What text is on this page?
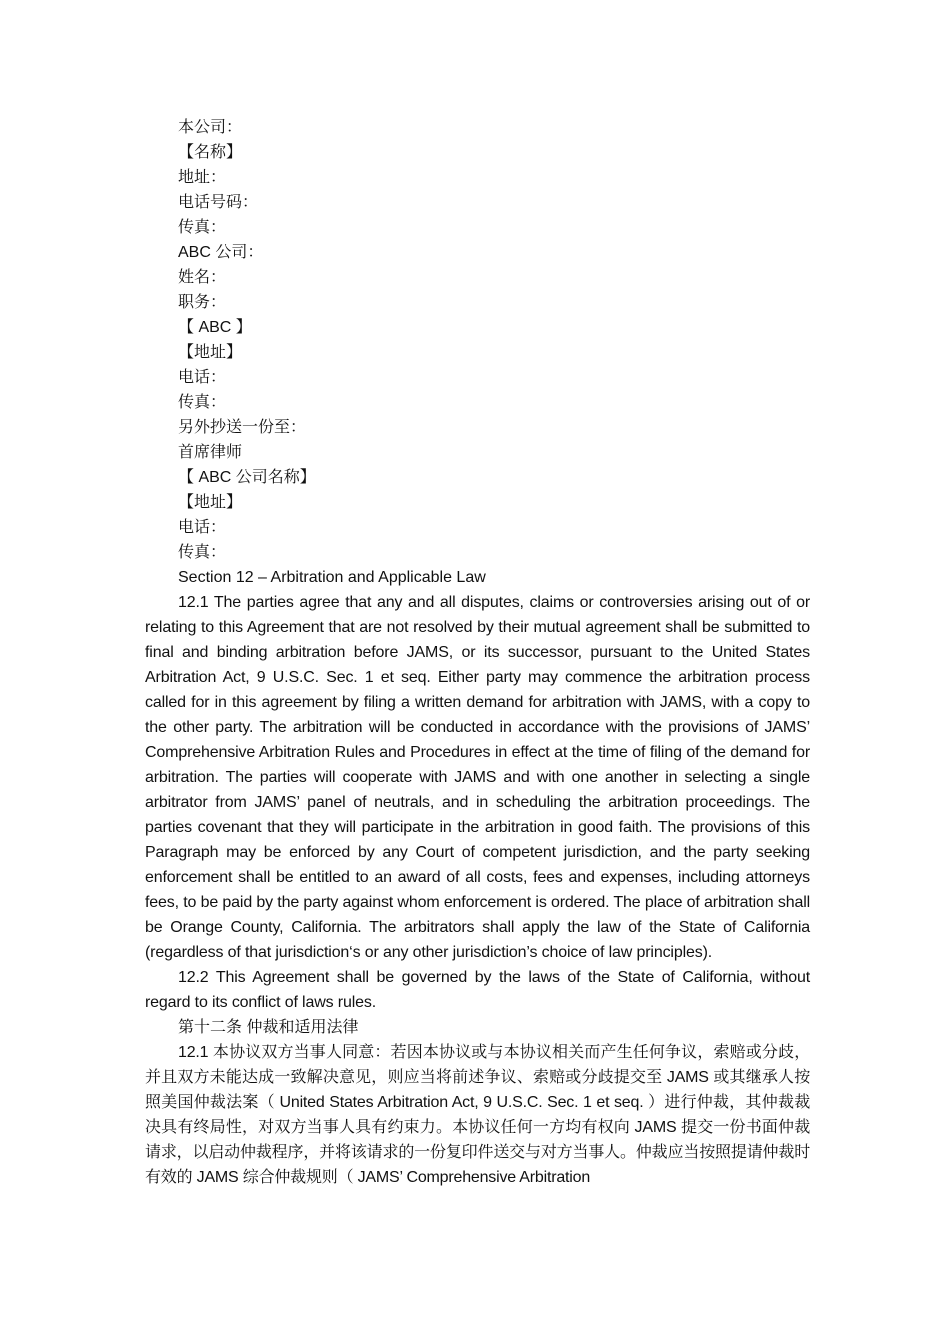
本公司：
【名称】
地址：
电话号码：
传真：
ABC 公司：
姓名：
职务：
【 ABC 】
【地址】
电话：
传真：
另外抄送一份至：
首席律师
【 ABC 公司名称】
【地址】
电话：
传真：
Section 12 – Arbitration and Applicable Law

12.1 The parties agree that any and all disputes, claims or controversies arising out of or relating to this Agreement that are not resolved by their mutual agreement shall be submitted to final and binding arbitration before JAMS, or its successor, pursuant to the United States Arbitration Act, 9 U.S.C. Sec. 1 et seq. Either party may commence the arbitration process called for in this agreement by filing a written demand for arbitration with JAMS, with a copy to the other party. The arbitration will be conducted in accordance with the provisions of JAMS’ Comprehensive Arbitration Rules and Procedures in effect at the time of filing of the demand for arbitration. The parties will cooperate with JAMS and with one another in selecting a single arbitrator from JAMS’ panel of neutrals, and in scheduling the arbitration proceedings. The parties covenant that they will participate in the arbitration in good faith. The provisions of this Paragraph may be enforced by any Court of competent jurisdiction, and the party seeking enforcement shall be entitled to an award of all costs, fees and expenses, including attorneys fees, to be paid by the party against whom enforcement is ordered. The place of arbitration shall be Orange County, California. The arbitrators shall apply the law of the State of California (regardless of that jurisdiction‘s or any other jurisdiction’s choice of law principles).

12.2 This Agreement shall be governed by the laws of the State of California, without regard to its conflict of laws rules.

第十二条 仲裁和适用法律

12.1 本协议双方当事人同意：若因本协议或与本协议相关而产生任何争议，索赔或分歧，并且双方未能达成一致解决意见，则应当将前述争议、索赔或分歧提交至 JAMS 或其继承人按照美国仲裁法案（ United States Arbitration Act, 9 U.S.C. Sec. 1 et seq. ）进行仲裁，其仲裁裁决具有终局性，对双方当事人具有约束力。本协议任何一方均有权向 JAMS 提交一份书面仲裁请求，以启动仲裁程序，并将该请求的一份复印件送交与对方当事人。仲裁应当按照提请仲裁时有效的 JAMS 综合仲裁规则（ JAMS’ Comprehensive Arbitration
